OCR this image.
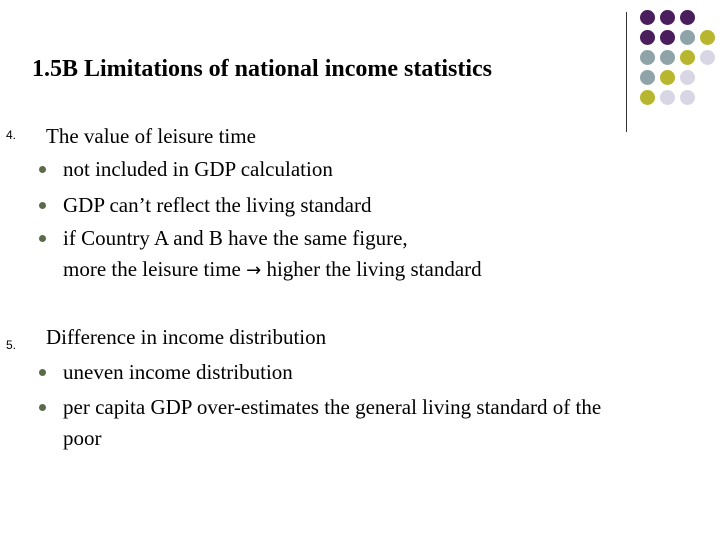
1.5B Limitations of national income statistics
4. The value of leisure time
not included in GDP calculation
GDP can’t reflect the living standard
if Country A and B have the same figure,
more the leisure time → higher the living standard
5. Difference in income distribution
uneven income distribution
per capita GDP over-estimates the general living standard of the
poor
